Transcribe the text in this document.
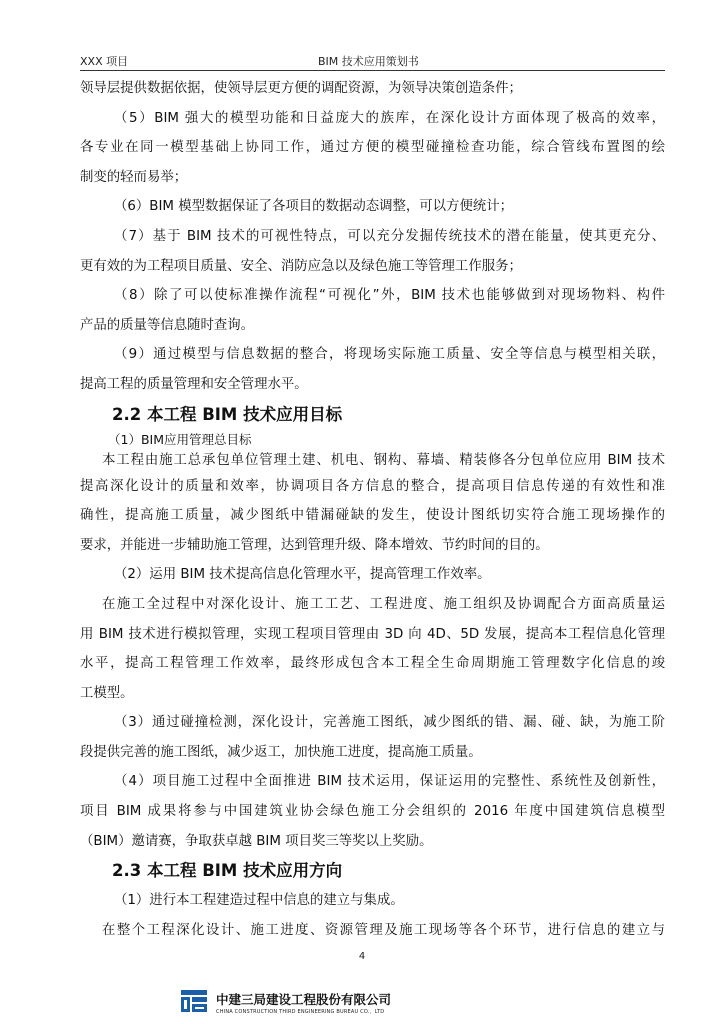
XXX 项目	BIM 技术应用策划书

领导层提供数据依据，使领导层更方便的调配资源，为领导决策创造条件；

（5）BIM 强大的模型功能和日益庞大的族库，在深化设计方面体现了极高的效率，

各专业在同一模型基础上协同工作，通过方便的模型碰撞检查功能，综合管线布置图的绘

制变的轻而易举；

（6）BIM 模型数据保证了各项目的数据动态调整，可以方便统计；

（7）基于 BIM 技术的可视性特点，可以充分发掘传统技术的潜在能量，使其更充分、

更有效的为工程项目质量、安全、消防应急以及绿色施工等管理工作服务；

（8）除了可以使标准操作流程“可视化”外，BIM 技术也能够做到对现场物料、构件

产品的质量等信息随时查询。

（9）通过模型与信息数据的整合，将现场实际施工质量、安全等信息与模型相关联，

提高工程的质量管理和安全管理水平。

2.2 本工程 BIM 技术应用目标

（1）BIM应用管理总目标

本工程由施工总承包单位管理土建、机电、钢构、幕墙、精装修各分包单位应用 BIM 技术

提高深化设计的质量和效率，协调项目各方信息的整合，提高项目信息传递的有效性和准

确性，提高施工质量，减少图纸中错漏碰缺的发生，使设计图纸切实符合施工现场操作的

要求，并能进一步辅助施工管理，达到管理升级、降本增效、节约时间的目的。

（2）运用 BIM 技术提高信息化管理水平，提高管理工作效率。

在施工全过程中对深化设计、施工工艺、工程进度、施工组织及协调配合方面高质量运

用 BIM 技术进行模拟管理，实现工程项目管理由 3D 向 4D、5D 发展，提高本工程信息化管理

水平，提高工程管理工作效率，最终形成包含本工程全生命周期施工管理数字化信息的竣

工模型。

（3）通过碰撞检测，深化设计，完善施工图纸，减少图纸的错、漏、碰、缺，为施工阶

段提供完善的施工图纸，减少返工，加快施工进度，提高施工质量。

（4）项目施工过程中全面推进 BIM 技术运用，保证运用的完整性、系统性及创新性，

项目 BIM 成果将参与中国建筑业协会绿色施工分会组织的 2016 年度中国建筑信息模型

（BIM）邀请赛，争取获卓越 BIM 项目奖三等奖以上奖励。

2.3 本工程 BIM 技术应用方向

（1）进行本工程建造过程中信息的建立与集成。

在整个工程深化设计、施工进度、资源管理及施工现场等各个环节，进行信息的建立与

4
中建三局建设工程股份有限公司
CHINA CONSTRUCTION THIRD ENGINEERING BUREAU CO.，LTD
